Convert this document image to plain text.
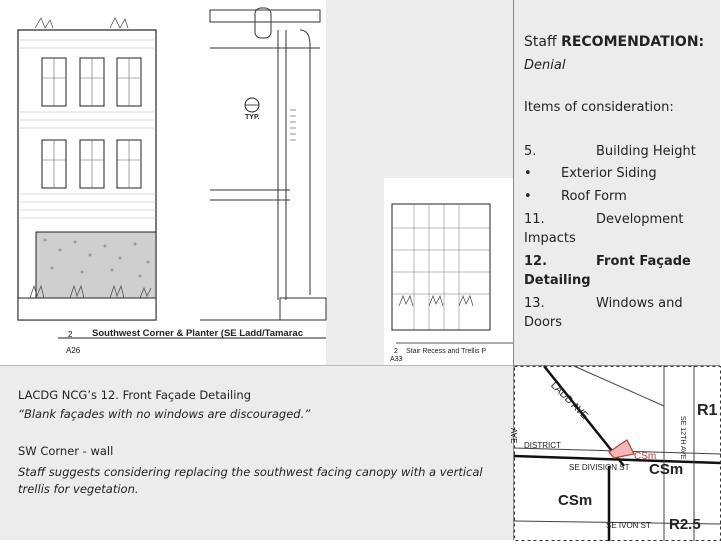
TYP.
2 Southwest Corner & Planter (SE Ladd/Tamarac
A26	2 Stair Recess and Trellis P
A33
Staff RECOMENDATION:
Denial
Items of consideration:
5.	Building Height
• Exterior Siding
• Roof Form
11.	Development
Impacts
12.	Front Façade
Detailing
13.	Windows and
Doors
LACDG NCG’s 12. Front Façade Detailing
“Blank façades with no windows are discouraged.”
SW Corner - wall
Staff suggests considering replacing the southwest facing canopy with a vertical trellis for vegetation.
LADD AVE	R1
DISTRICT
AVE
CSm
SE DIVISION ST CSm
CSm
SE IVON ST R2.5
SE 12TH AVE
